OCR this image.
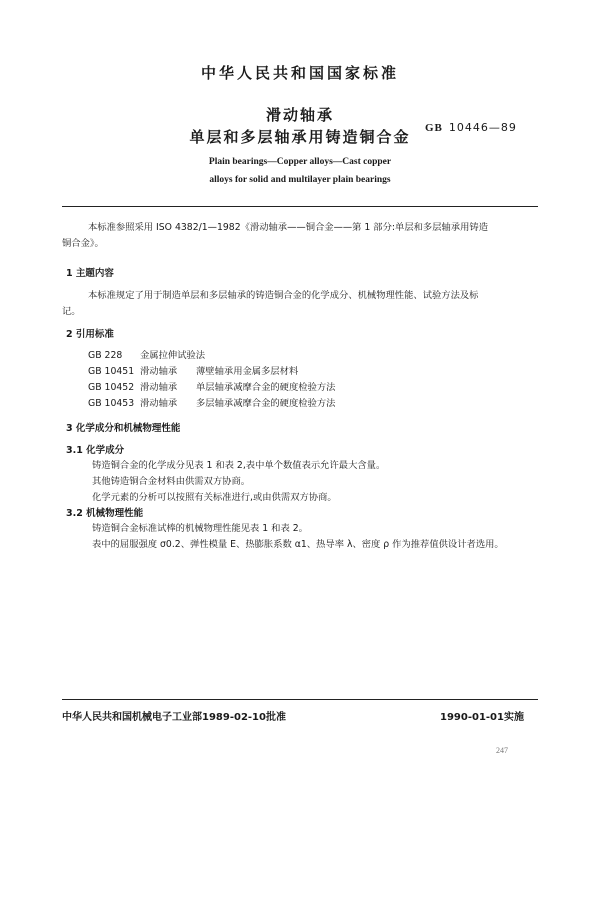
中华人民共和国国家标准
滑动轴承
单层和多层轴承用铸造铜合金	GB 10446—89
Plain bearings—Copper alloys—Cast copper
alloys for solid and multilayer plain bearings
本标准参照采用 ISO 4382/1—1982《滑动轴承——铜合金——第 1 部分:单层和多层轴承用铸造
铜合金》。
1 主题内容
本标准规定了用于制造单层和多层轴承的铸造铜合金的化学成分、机械物理性能、试验方法及标
记。
2 引用标准
GB 228 金属拉伸试验法
GB 10451 滑动轴承 薄壁轴承用金属多层材料
GB 10452 滑动轴承 单层轴承减摩合金的硬度检验方法
GB 10453 滑动轴承 多层轴承减摩合金的硬度检验方法
3 化学成分和机械物理性能
3.1 化学成分
铸造铜合金的化学成分见表 1 和表 2,表中单个数值表示允许最大含量。
其他铸造铜合金材料由供需双方协商。
化学元素的分析可以按照有关标准进行,或由供需双方协商。
3.2 机械物理性能
铸造铜合金标准试棒的机械物理性能见表 1 和表 2。
表中的屈服强度 σ0.2、弹性模量 E、热膨胀系数 α1、热导率 λ、密度 ρ 作为推荐值供设计者选用。
中华人民共和国机械电子工业部1989-02-10批准	1990-01-01实施
247
